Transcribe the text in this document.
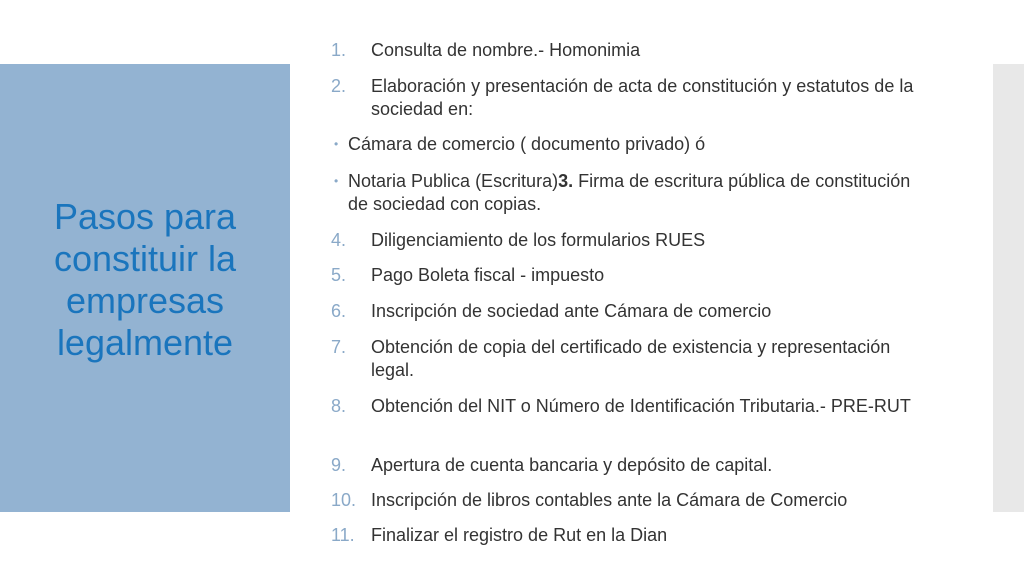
Pasos para constituir la empresas legalmente
1.	Consulta de nombre.- Homonimia
2.	Elaboración y presentación de acta de constitución y estatutos de la sociedad en:
• Cámara de comercio ( documento privado) ó
• Notaria Publica (Escritura)3. Firma de escritura pública de constitución de sociedad con copias.
4.	Diligenciamiento de los formularios RUES
5.	Pago Boleta fiscal - impuesto
6.	Inscripción de sociedad ante Cámara de comercio
7.	Obtención de copia del certificado de existencia y representación legal.
8.	Obtención del NIT o Número de Identificación Tributaria.- PRE-RUT
9.	Apertura de cuenta bancaria y depósito de capital.
10. Inscripción de libros contables ante la Cámara de Comercio
11. Finalizar el registro de Rut en la Dian
